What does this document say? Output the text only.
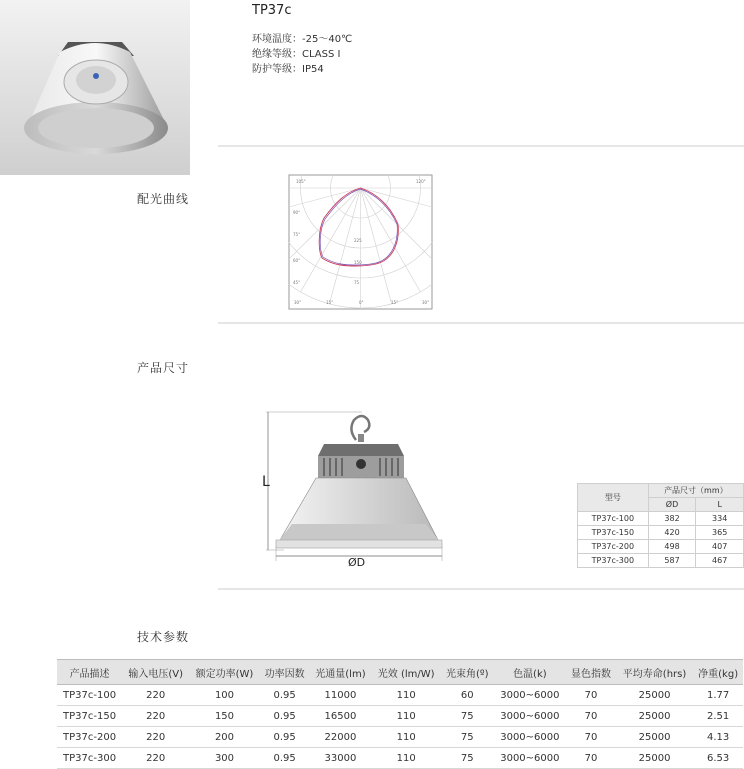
TP37c
环境温度：-25～40℃
绝缘等级：CLASS I
防护等级：IP54
配光曲线
产品尺寸
技术参数
105°	120°
90°
75°
60°
45°
30°	15°	0°	15°	30°
225
150
75
L
ØD
型号	产品尺寸（mm）	
	ØD	L
TP37c-100	382	334
TP37c-150	420	365
TP37c-200	498	407
TP37c-300	587	467
产品描述	输入电压(V)	额定功率(W)	功率因数	光通量(lm)	光效 (lm/W)	光束角(º)	色温(k)	显色指数	平均寿命(hrs)	净重(kg)
TP37c-100	220	100	0.95	11000	110	60	3000~6000	70	25000	1.77
TP37c-150	220	150	0.95	16500	110	75	3000~6000	70	25000	2.51
TP37c-200	220	200	0.95	22000	110	75	3000~6000	70	25000	4.13
TP37c-300	220	300	0.95	33000	110	75	3000~6000	70	25000	6.53
